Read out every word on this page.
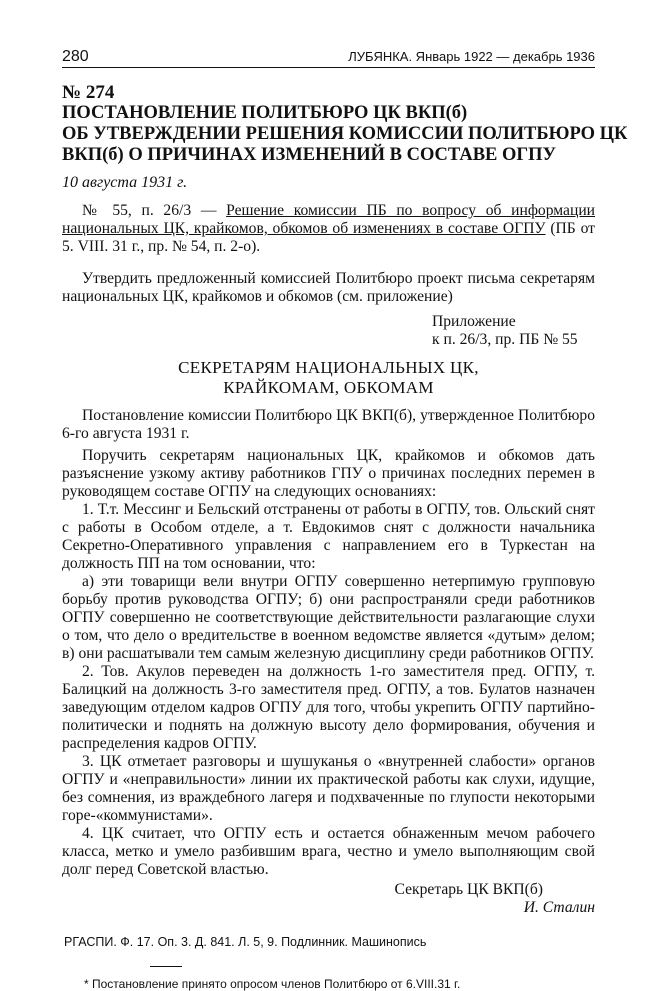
280	ЛУБЯНКА. Январь 1922 — декабрь 1936
№ 274
ПОСТАНОВЛЕНИЕ ПОЛИТБЮРО ЦК ВКП(б)
ОБ УТВЕРЖДЕНИИ РЕШЕНИЯ КОМИССИИ ПОЛИТБЮРО ЦК
ВКП(б) О ПРИЧИНАХ ИЗМЕНЕНИЙ В СОСТАВЕ ОГПУ
10 августа 1931 г.

№ 55, п. 26/3 — Решение комиссии ПБ по вопросу об информации национальных ЦК, крайкомов, обкомов об изменениях в составе ОГПУ (ПБ от 5. VIII. 31 г., пр. № 54, п. 2-о).

Утвердить предложенный комиссией Политбюро проект письма секретарям национальных ЦК, крайкомов и обкомов (см. приложение)

Приложение
к п. 26/3, пр. ПБ № 55
СЕКРЕТАРЯМ НАЦИОНАЛЬНЫХ ЦК,
КРАЙКОМАМ, ОБКОМАМ

Постановление комиссии Политбюро ЦК ВКП(б), утвержденное Политбюро 6-го августа 1931 г.

Поручить секретарям национальных ЦК, крайкомов и обкомов дать разъяснение узкому активу работников ГПУ о причинах последних перемен в руководящем составе ОГПУ на следующих основаниях:

1. Т.т. Мессинг и Бельский отстранены от работы в ОГПУ, тов. Ольский снят с работы в Особом отделе, а т. Евдокимов снят с должности начальника Секретно-Оперативного управления с направлением его в Туркестан на должность ПП на том основании, что:

а) эти товарищи вели внутри ОГПУ совершенно нетерпимую групповую борьбу против руководства ОГПУ; б) они распространяли среди работников ОГПУ совершенно не соответствующие действительности разлагающие слухи о том, что дело о вредительстве в военном ведомстве является «дутым» делом; в) они расшатывали тем самым железную дисциплину среди работников ОГПУ.

2. Тов. Акулов переведен на должность 1-го заместителя пред. ОГПУ, т. Балицкий на должность 3-го заместителя пред. ОГПУ, а тов. Булатов назначен заведующим отделом кадров ОГПУ для того, чтобы укрепить ОГПУ партийно-политически и поднять на должную высоту дело формирования, обучения и распределения кадров ОГПУ.

3. ЦК отметает разговоры и шушуканья о «внутренней слабости» органов ОГПУ и «неправильности» линии их практической работы как слухи, идущие, без сомнения, из враждебного лагеря и подхваченные по глупости некоторыми горе-«коммунистами».

4. ЦК считает, что ОГПУ есть и остается обнаженным мечом рабочего класса, метко и умело разбившим врага, честно и умело выполняющим свой долг перед Советской властью.

Секретарь ЦК ВКП(б)
И. Сталин
РГАСПИ. Ф. 17. Оп. 3. Д. 841. Л. 5, 9. Подлинник. Машинопись
* Постановление принято опросом членов Политбюро от 6.VIII.31 г.
